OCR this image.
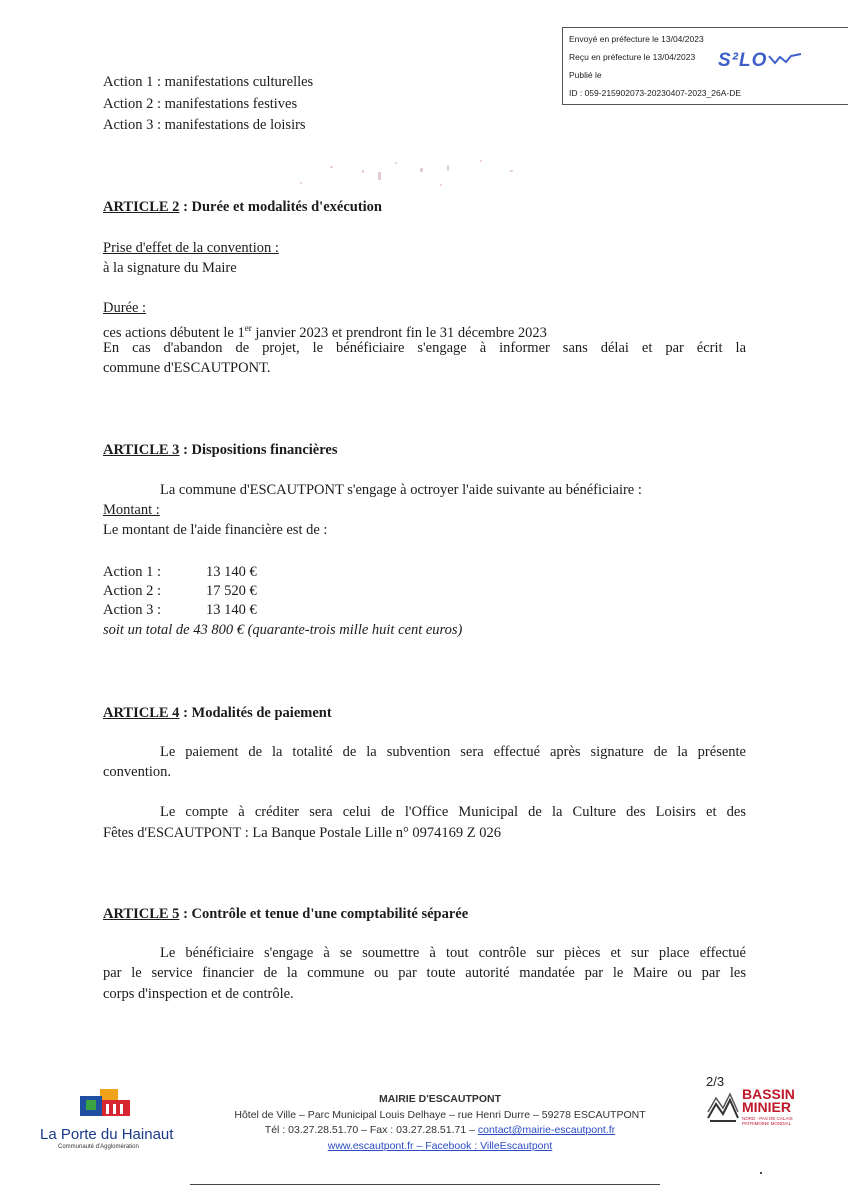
Envoyé en préfecture le 13/04/2023
Reçu en préfecture le 13/04/2023
Publié le
ID : 059-215902073-20230407-2023_26A-DE
S²LO
Action 1 : manifestations culturelles
Action 2 : manifestations festives
Action 3 : manifestations de loisirs
ARTICLE 2 : Durée et modalités d'exécution
Prise d'effet de la convention :
à la signature du Maire
Durée :
ces actions débutent le 1er janvier 2023 et prendront fin le 31 décembre 2023
En cas d'abandon de projet, le bénéficiaire s'engage à informer sans délai et par écrit la
commune d'ESCAUTPONT.
ARTICLE 3 : Dispositions financières
La commune d'ESCAUTPONT s'engage à octroyer l'aide suivante au bénéficiaire :
Montant :
Le montant de l'aide financière est de :
Action 1 :	13 140 €
Action 2 :	17 520 €
Action 3 :	13 140 €
soit un total de 43 800 € (quarante-trois mille huit cent euros)
ARTICLE 4 : Modalités de paiement
Le paiement de la totalité de la subvention sera effectué après signature de la présente
convention.
Le compte à créditer sera celui de l'Office Municipal de la Culture des Loisirs et des
Fêtes d'ESCAUTPONT : La Banque Postale Lille n° 0974169 Z 026
ARTICLE 5 : Contrôle et tenue d'une comptabilité séparée
Le bénéficiaire s'engage à se soumettre à tout contrôle sur pièces et sur place effectué
par le service financier de la commune ou par toute autorité mandatée par le Maire ou par les
corps d'inspection et de contrôle.
La Porte du Hainaut
Communauté d'Agglomération
MAIRIE D'ESCAUTPONT
Hôtel de Ville – Parc Municipal Louis Delhaye – rue Henri Durre – 59278 ESCAUTPONT
Tél : 03.27.28.51.70 – Fax : 03.27.28.51.71 – contact@mairie-escautpont.fr
www.escautpont.fr – Facebook : VilleEscautpont
2/3
BASSIN
MINIER
NORD - PAS DE CALAIS PATRIMOINE MONDIAL
